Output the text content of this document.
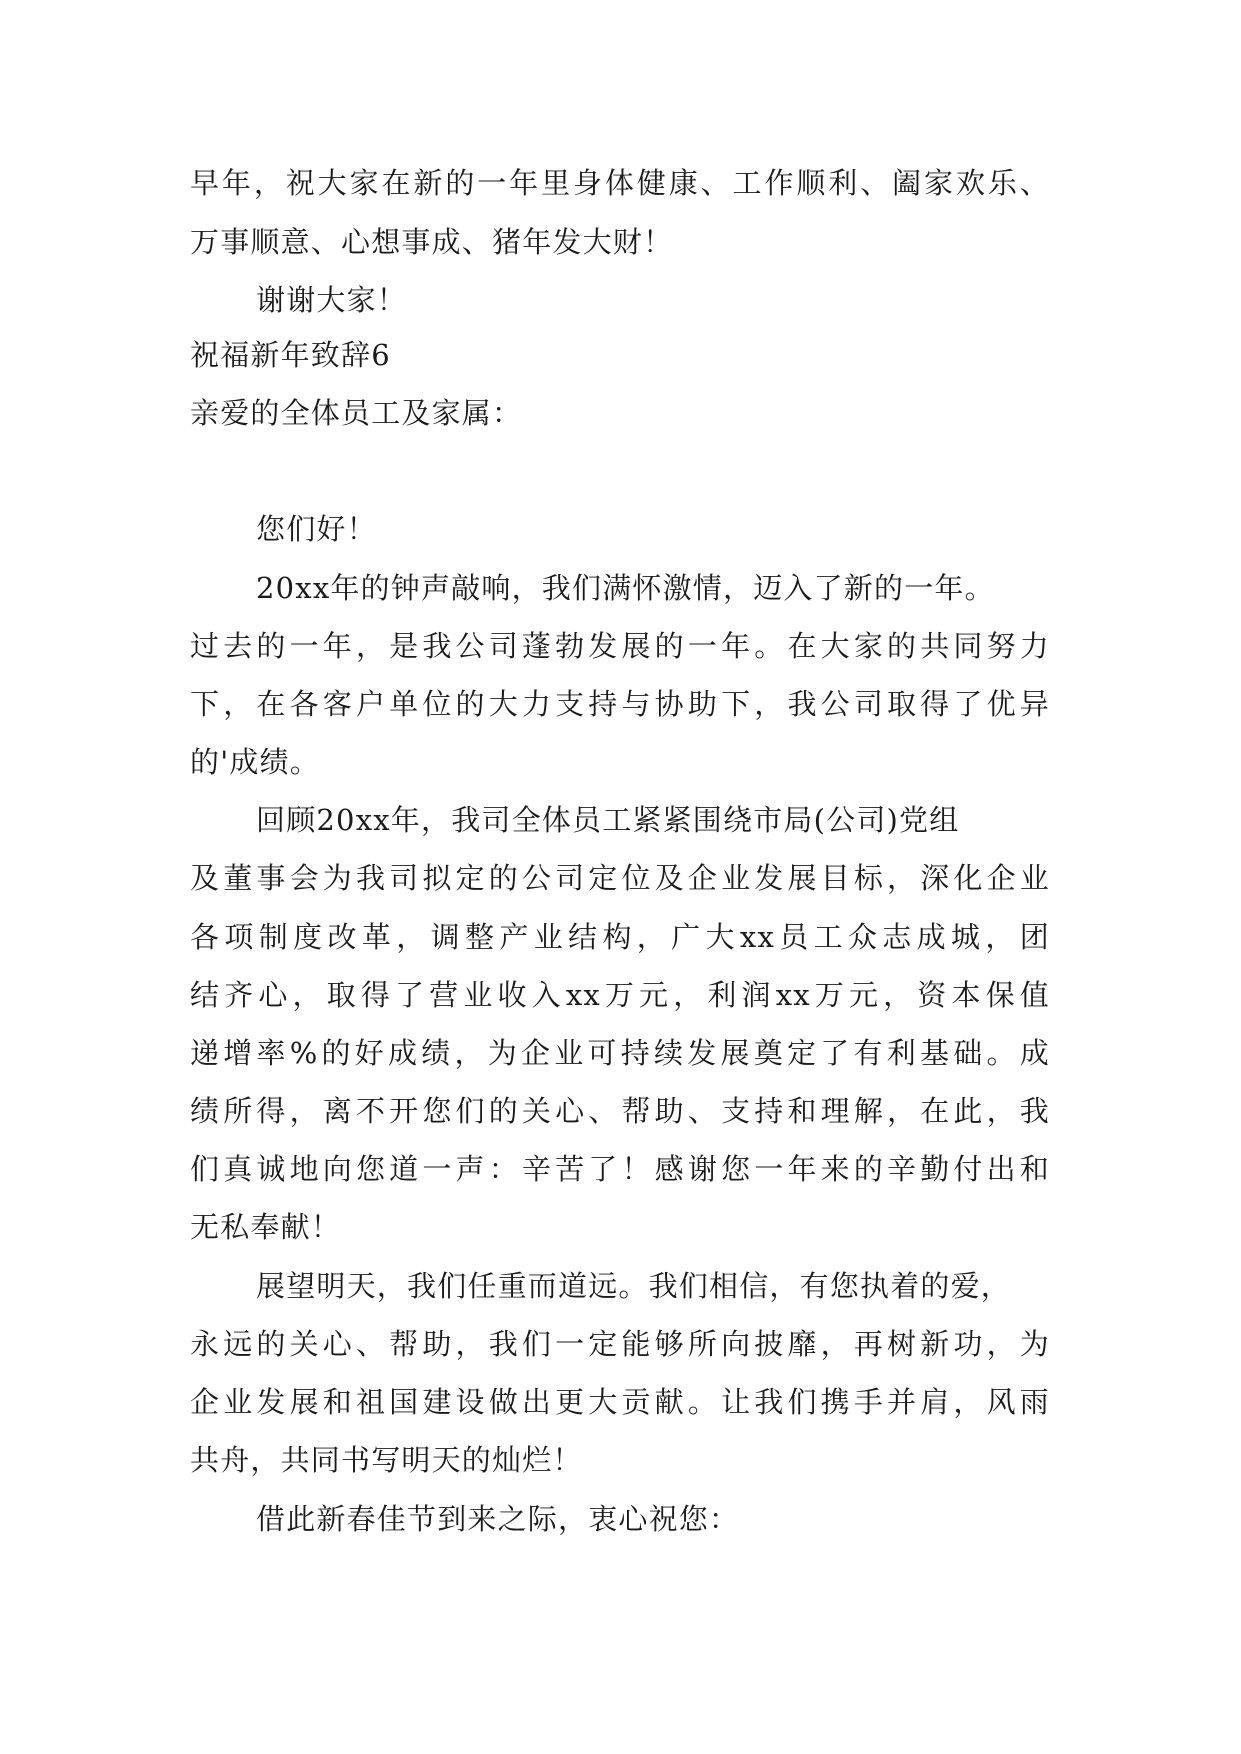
早年，祝大家在新的一年里身体健康、工作顺利、阖家欢乐、
万事顺意、心想事成、猪年发大财！
谢谢大家！
祝福新年致辞6
亲爱的全体员工及家属：
您们好！
20xx年的钟声敲响，我们满怀激情，迈入了新的一年。
过去的一年，是我公司蓬勃发展的一年。在大家的共同努力
下，在各客户单位的大力支持与协助下，我公司取得了优异
的'成绩。
回顾20xx年，我司全体员工紧紧围绕市局(公司)党组
及董事会为我司拟定的公司定位及企业发展目标，深化企业
各项制度改革，调整产业结构，广大xx员工众志成城，团
结齐心，取得了营业收入xx万元，利润xx万元，资本保值
递增率%的好成绩，为企业可持续发展奠定了有利基础。成
绩所得，离不开您们的关心、帮助、支持和理解，在此，我
们真诚地向您道一声：辛苦了！感谢您一年来的辛勤付出和
无私奉献！
展望明天，我们任重而道远。我们相信，有您执着的爱，
永远的关心、帮助，我们一定能够所向披靡，再树新功，为
企业发展和祖国建设做出更大贡献。让我们携手并肩，风雨
共舟，共同书写明天的灿烂！
借此新春佳节到来之际，衷心祝您：
